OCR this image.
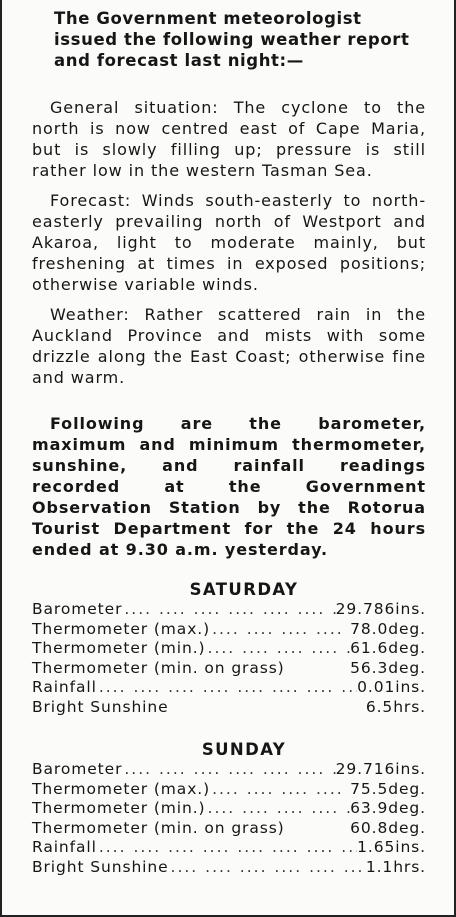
The Government meteorologist issued the following weather report and forecast last night:—

General situation: The cyclone to the north is now centred east of Cape Maria, but is slowly filling up; pressure is still rather low in the western Tasman Sea.

Forecast: Winds south-easterly to north-easterly prevailing north of Westport and Akaroa, light to moderate mainly, but freshening at times in exposed positions; otherwise variable winds.

Weather: Rather scattered rain in the Auckland Province and mists with some drizzle along the East Coast; otherwise fine and warm.

Following are the barometer, maximum and minimum thermometer, sunshine, and rainfall readings recorded at the Government Observation Station by the Rotorua Tourist Department for the 24 hours ended at 9.30 a.m. yesterday.

SATURDAY
Barometer ....	29.786ins.
Thermometer (max.) ....	78.0deg.
Thermometer (min.) ....	61.6deg.
Thermometer (min. on grass)	56.3deg.
Rainfall ....	0.01ins.
Bright Sunshine	6.5hrs.
SUNDAY
Barometer ....	29.716ins.
Thermometer (max.) ....	75.5deg.
Thermometer (min.) ....	63.9deg.
Thermometer (min. on grass)	60.8deg.
Rainfall ....	1.65ins.
Bright Sunshine ....	1.1hrs.
